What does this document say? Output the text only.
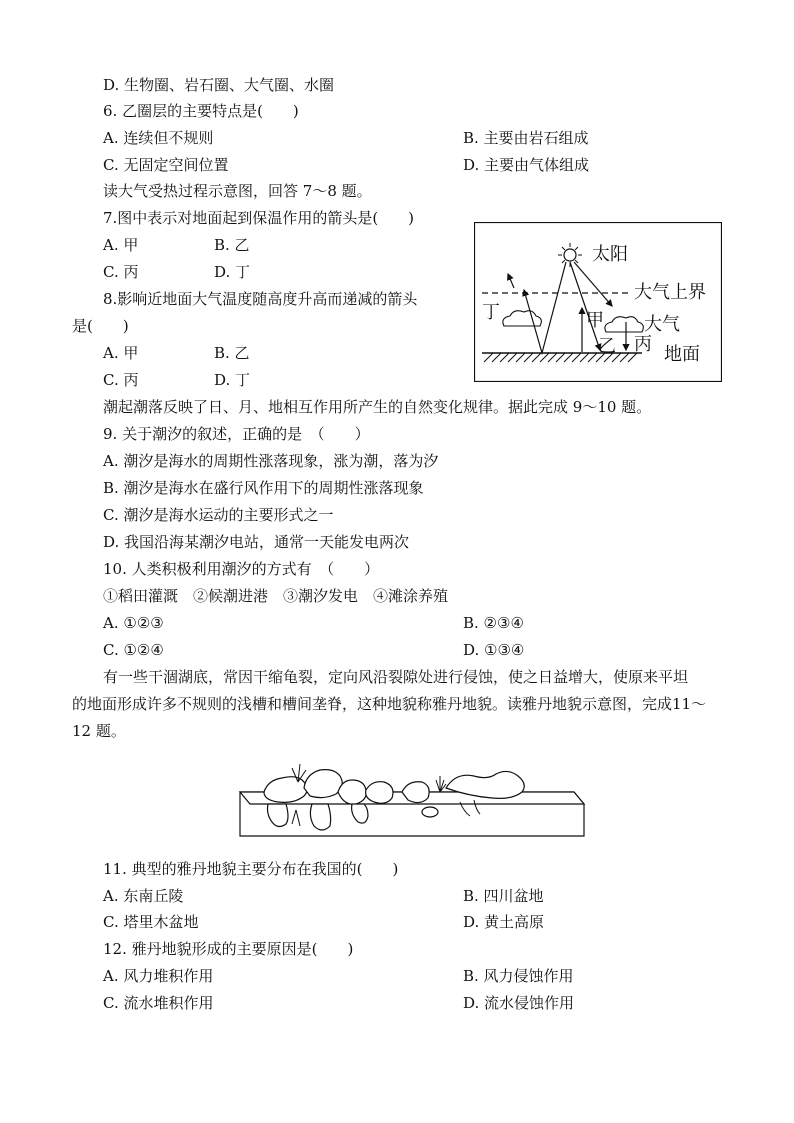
D. 生物圈、岩石圈、大气圈、水圈
6. 乙圈层的主要特点是(　　)
A. 连续但不规则	B. 主要由岩石组成
C. 无固定空间位置	D. 主要由气体组成
读大气受热过程示意图，回答 7～8 题。
7.图中表示对地面起到保温作用的箭头是(　　)
A. 甲	B. 乙
C. 丙	D. 丁
8.影响近地面大气温度随高度升高而递减的箭头
是(　　)
A. 甲	B. 乙
C. 丙	D. 丁
太阳
大气上界
地面
丁	甲 大气
乙 丙
潮起潮落反映了日、月、地相互作用所产生的自然变化规律。据此完成 9～10 题。
9. 关于潮汐的叙述，正确的是　（　　）
A. 潮汐是海水的周期性涨落现象，涨为潮，落为汐
B. 潮汐是海水在盛行风作用下的周期性涨落现象
C. 潮汐是海水运动的主要形式之一
D. 我国沿海某潮汐电站，通常一天能发电两次
10. 人类积极利用潮汐的方式有　（　　）
①稻田灌溉　②候潮进港　③潮汐发电　④滩涂养殖
A. ①②③	B. ②③④
C. ①②④	D. ①③④
有一些干涸湖底，常因干缩龟裂，定向风沿裂隙处进行侵蚀，使之日益增大，使原来平坦
的地面形成许多不规则的浅槽和槽间垄脊，这种地貌称雅丹地貌。读雅丹地貌示意图，完成11～
12 题。
11. 典型的雅丹地貌主要分布在我国的(　　)
A. 东南丘陵	B. 四川盆地
C. 塔里木盆地	D. 黄土高原
12. 雅丹地貌形成的主要原因是(　　)
A. 风力堆积作用	B. 风力侵蚀作用
C. 流水堆积作用	D. 流水侵蚀作用
